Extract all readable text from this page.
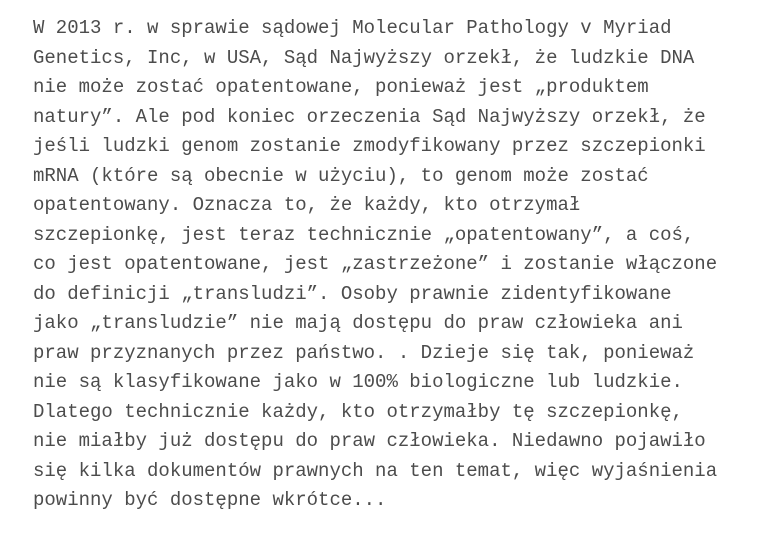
W 2013 r. w sprawie sądowej Molecular Pathology v Myriad
Genetics, Inc, w USA, Sąd Najwyższy orzekł, że ludzkie DNA
nie może zostać opatentowane, ponieważ jest „produktem
natury”. Ale pod koniec orzeczenia Sąd Najwyższy orzekł, że
jeśli ludzki genom zostanie zmodyfikowany przez szczepionki
mRNA (które są obecnie w użyciu), to genom może zostać
opatentowany. Oznacza to, że każdy, kto otrzymał
szczepionkę, jest teraz technicznie „opatentowany”, a coś,
co jest opatentowane, jest „zastrzeżone” i zostanie włączone
do definicji „transludzi”. Osoby prawnie zidentyfikowane
jako „transludzie” nie mają dostępu do praw człowieka ani
praw przyznanych przez państwo. . Dzieje się tak, ponieważ
nie są klasyfikowane jako w 100% biologiczne lub ludzkie.
Dlatego technicznie każdy, kto otrzymałby tę szczepionkę,
nie miałby już dostępu do praw człowieka. Niedawno pojawiło
się kilka dokumentów prawnych na ten temat, więc wyjaśnienia
powinny być dostępne wkrótce...
